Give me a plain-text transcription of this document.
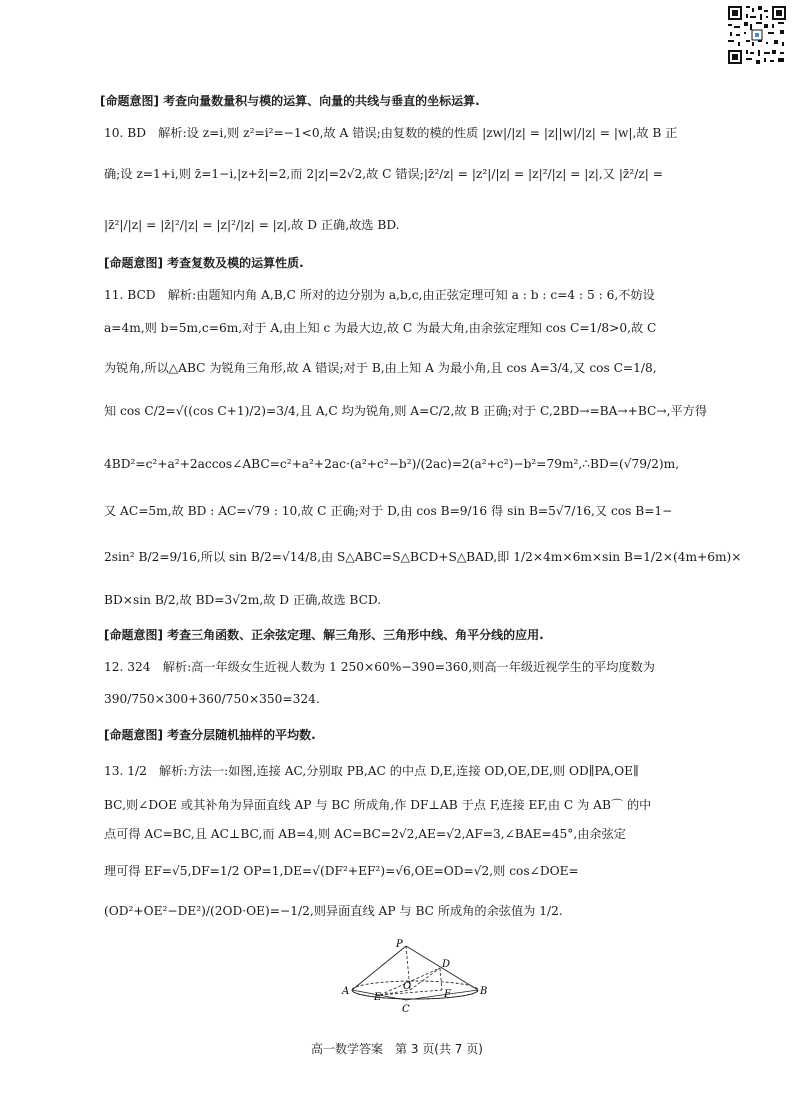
[命题意图] 考查向量数量积与模的运算、向量的共线与垂直的坐标运算.
10. BD　解析:设 z=i,则 z²=i²=−1<0,故 A 错误;由复数的模的性质 |zw|/|z| = |z||w|/|z| = |w|,故 B 正
确;设 z=1+i,则 z̄=1−i,|z+z̄|=2,而 2|z|=2√2,故 C 错误;|z̄²/z| = |z²|/|z| = |z|²/|z| = |z|,又 |z̄²/z| =
|z̄²|/|z| = |z̄|²/|z| = |z|²/|z| = |z|,故 D 正确,故选 BD.
[命题意图] 考查复数及模的运算性质.
11. BCD　解析:由题知内角 A,B,C 所对的边分别为 a,b,c,由正弦定理可知 a : b : c=4 : 5 : 6,不妨设
a=4m,则 b=5m,c=6m,对于 A,由上知 c 为最大边,故 C 为最大角,由余弦定理知 cos C=1/8>0,故 C
为锐角,所以△ABC 为锐角三角形,故 A 错误;对于 B,由上知 A 为最小角,且 cos A=3/4,又 cos C=1/8,
知 cos C/2=√((cos C+1)/2)=3/4,且 A,C 均为锐角,则 A=C/2,故 B 正确;对于 C,2BD→=BA→+BC→,平方得
4BD²=c²+a²+2accos∠ABC=c²+a²+2ac·(a²+c²−b²)/(2ac)=2(a²+c²)−b²=79m²,∴BD=(√79/2)m,
又 AC=5m,故 BD : AC=√79 : 10,故 C 正确;对于 D,由 cos B=9/16 得 sin B=5√7/16,又 cos B=1−
2sin² B/2=9/16,所以 sin B/2=√14/8,由 S△ABC=S△BCD+S△BAD,即 1/2×4m×6m×sin B=1/2×(4m+6m)×
BD×sin B/2,故 BD=3√2m,故 D 正确,故选 BCD.
[命题意图] 考查三角函数、正余弦定理、解三角形、三角形中线、角平分线的应用.
12. 324　解析:高一年级女生近视人数为 1 250×60%−390=360,则高一年级近视学生的平均度数为
390/750×300+360/750×350=324.
[命题意图] 考查分层随机抽样的平均数.
13. 1/2　解析:方法一:如图,连接 AC,分别取 PB,AC 的中点 D,E,连接 OD,OE,DE,则 OD∥PA,OE∥
BC,则∠DOE 或其补角为异面直线 AP 与 BC 所成角,作 DF⊥AB 于点 F,连接 EF,由 C 为 AB⌒ 的中
点可得 AC=BC,且 AC⊥BC,而 AB=4,则 AC=BC=2√2,AE=√2,AF=3,∠BAE=45°,由余弦定
理可得 EF=√5,DF=1/2 OP=1,DE=√(DF²+EF²)=√6,OE=OD=√2,则 cos∠DOE=
(OD²+OE²−DE²)/(2OD·OE)=−1/2,则异面直线 AP 与 BC 所成角的余弦值为 1/2.
P
D
A	B
C
O
E	F
高一数学答案　第 3 页(共 7 页)
